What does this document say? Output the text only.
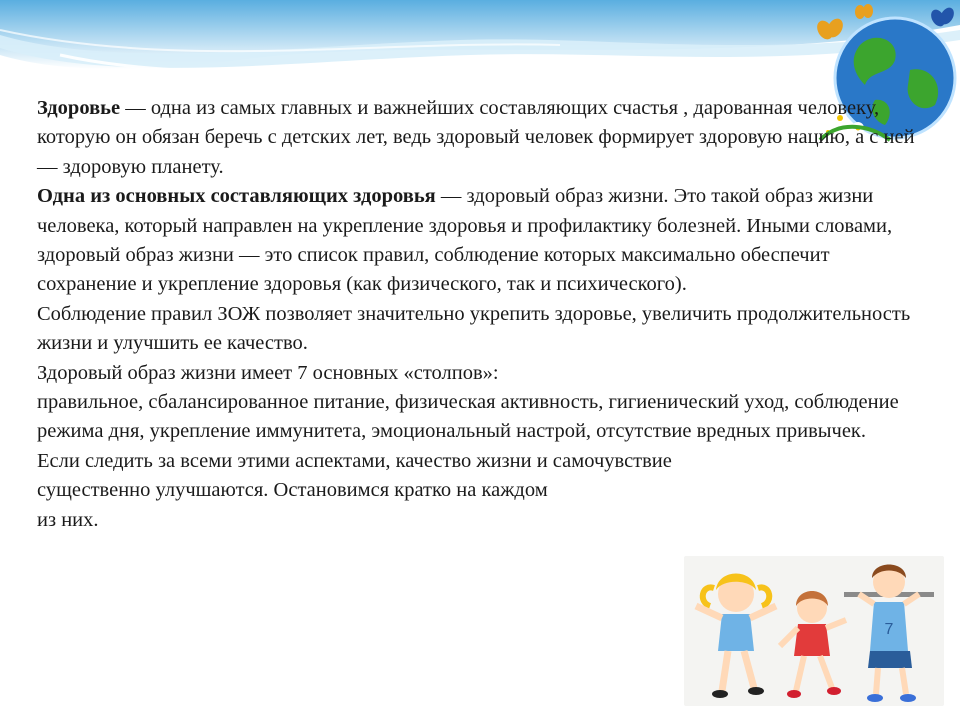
Здоровье — одна из самых главных и важнейших составляющих счастья , дарованная человеку, которую он обязан беречь с детских лет, ведь здоровый человек формирует здоровую нацию, а с ней — здоровую планету.

Одна из основных составляющих здоровья — здоровый образ жизни. Это такой образ жизни человека, который направлен на укрепление здоровья и профилактику болезней. Иными словами, здоровый образ жизни — это список правил, соблюдение которых максимально обеспечит сохранение и укрепление здоровья (как физического, так и психического).

Соблюдение правил ЗОЖ позволяет значительно укрепить здоровье, увеличить продолжительность жизни и улучшить ее качество.

Здоровый образ жизни имеет 7 основных «столпов»:

правильное, сбалансированное питание, физическая активность, гигиенический уход, соблюдение режима дня, укрепление иммунитета, эмоциональный настрой, отсутствие вредных привычек.

Если следить за всеми этими аспектами, качество жизни и самочувствие существенно улучшаются. Остановимся кратко на каждом

из них.

7
